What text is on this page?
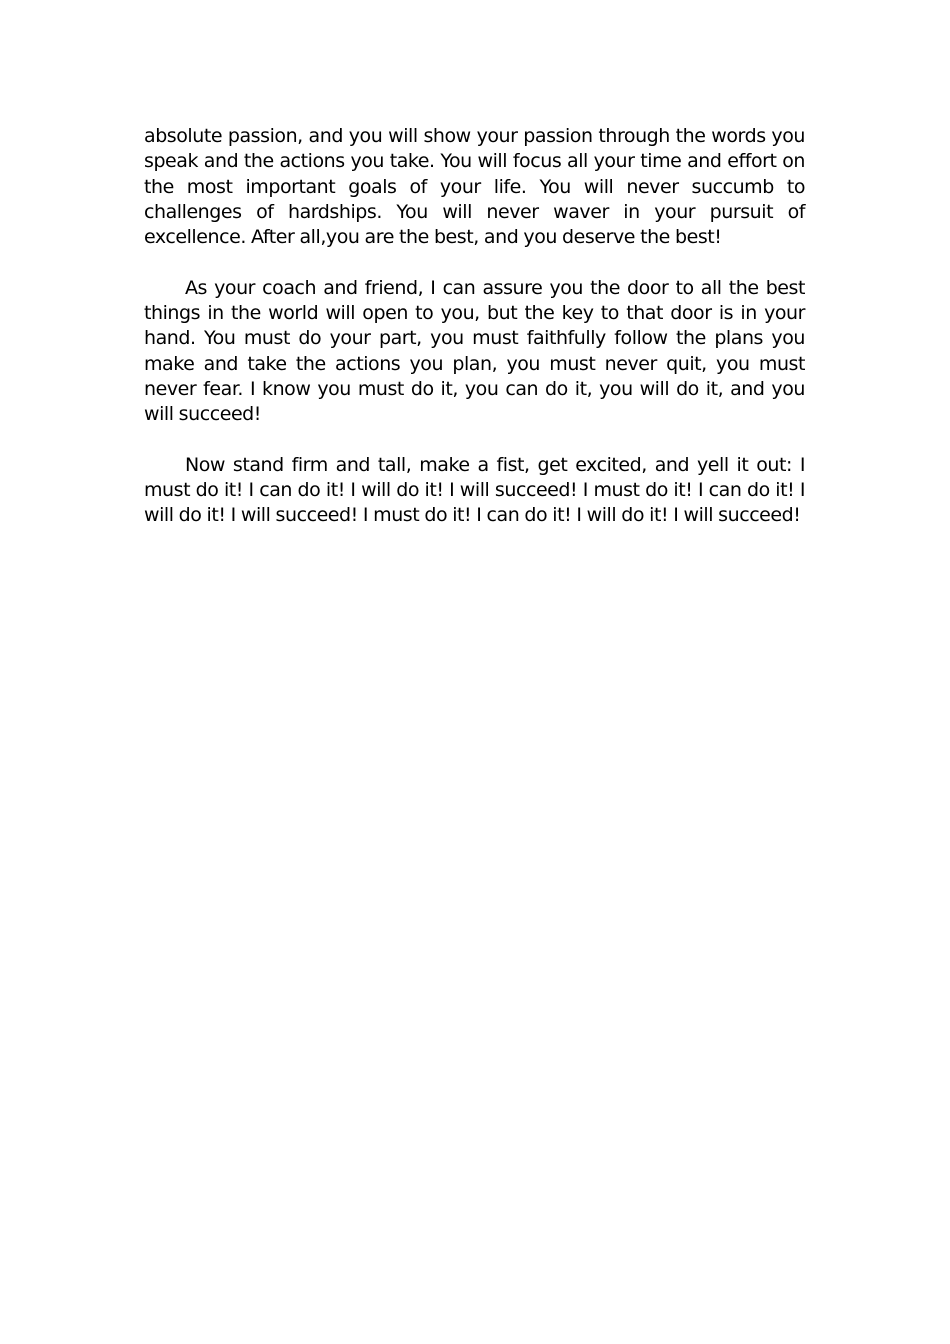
absolute passion, and you will show your passion through the words you speak and the actions you take. You will focus all your time and effort on the most important goals of your life. You will never succumb to challenges of hardships. You will never waver in your pursuit of excellence. After all,you are the best, and you deserve the best!

As your coach and friend, I can assure you the door to all the best things in the world will open to you, but the key to that door is in your hand. You must do your part, you must faithfully follow the plans you make and take the actions you plan, you must never quit, you must never fear. I know you must do it, you can do it, you will do it, and you will succeed!

Now stand firm and tall, make a fist, get excited, and yell it out: I must do it! I can do it! I will do it! I will succeed! I must do it! I can do it! I will do it! I will succeed! I must do it! I can do it! I will do it! I will succeed!
